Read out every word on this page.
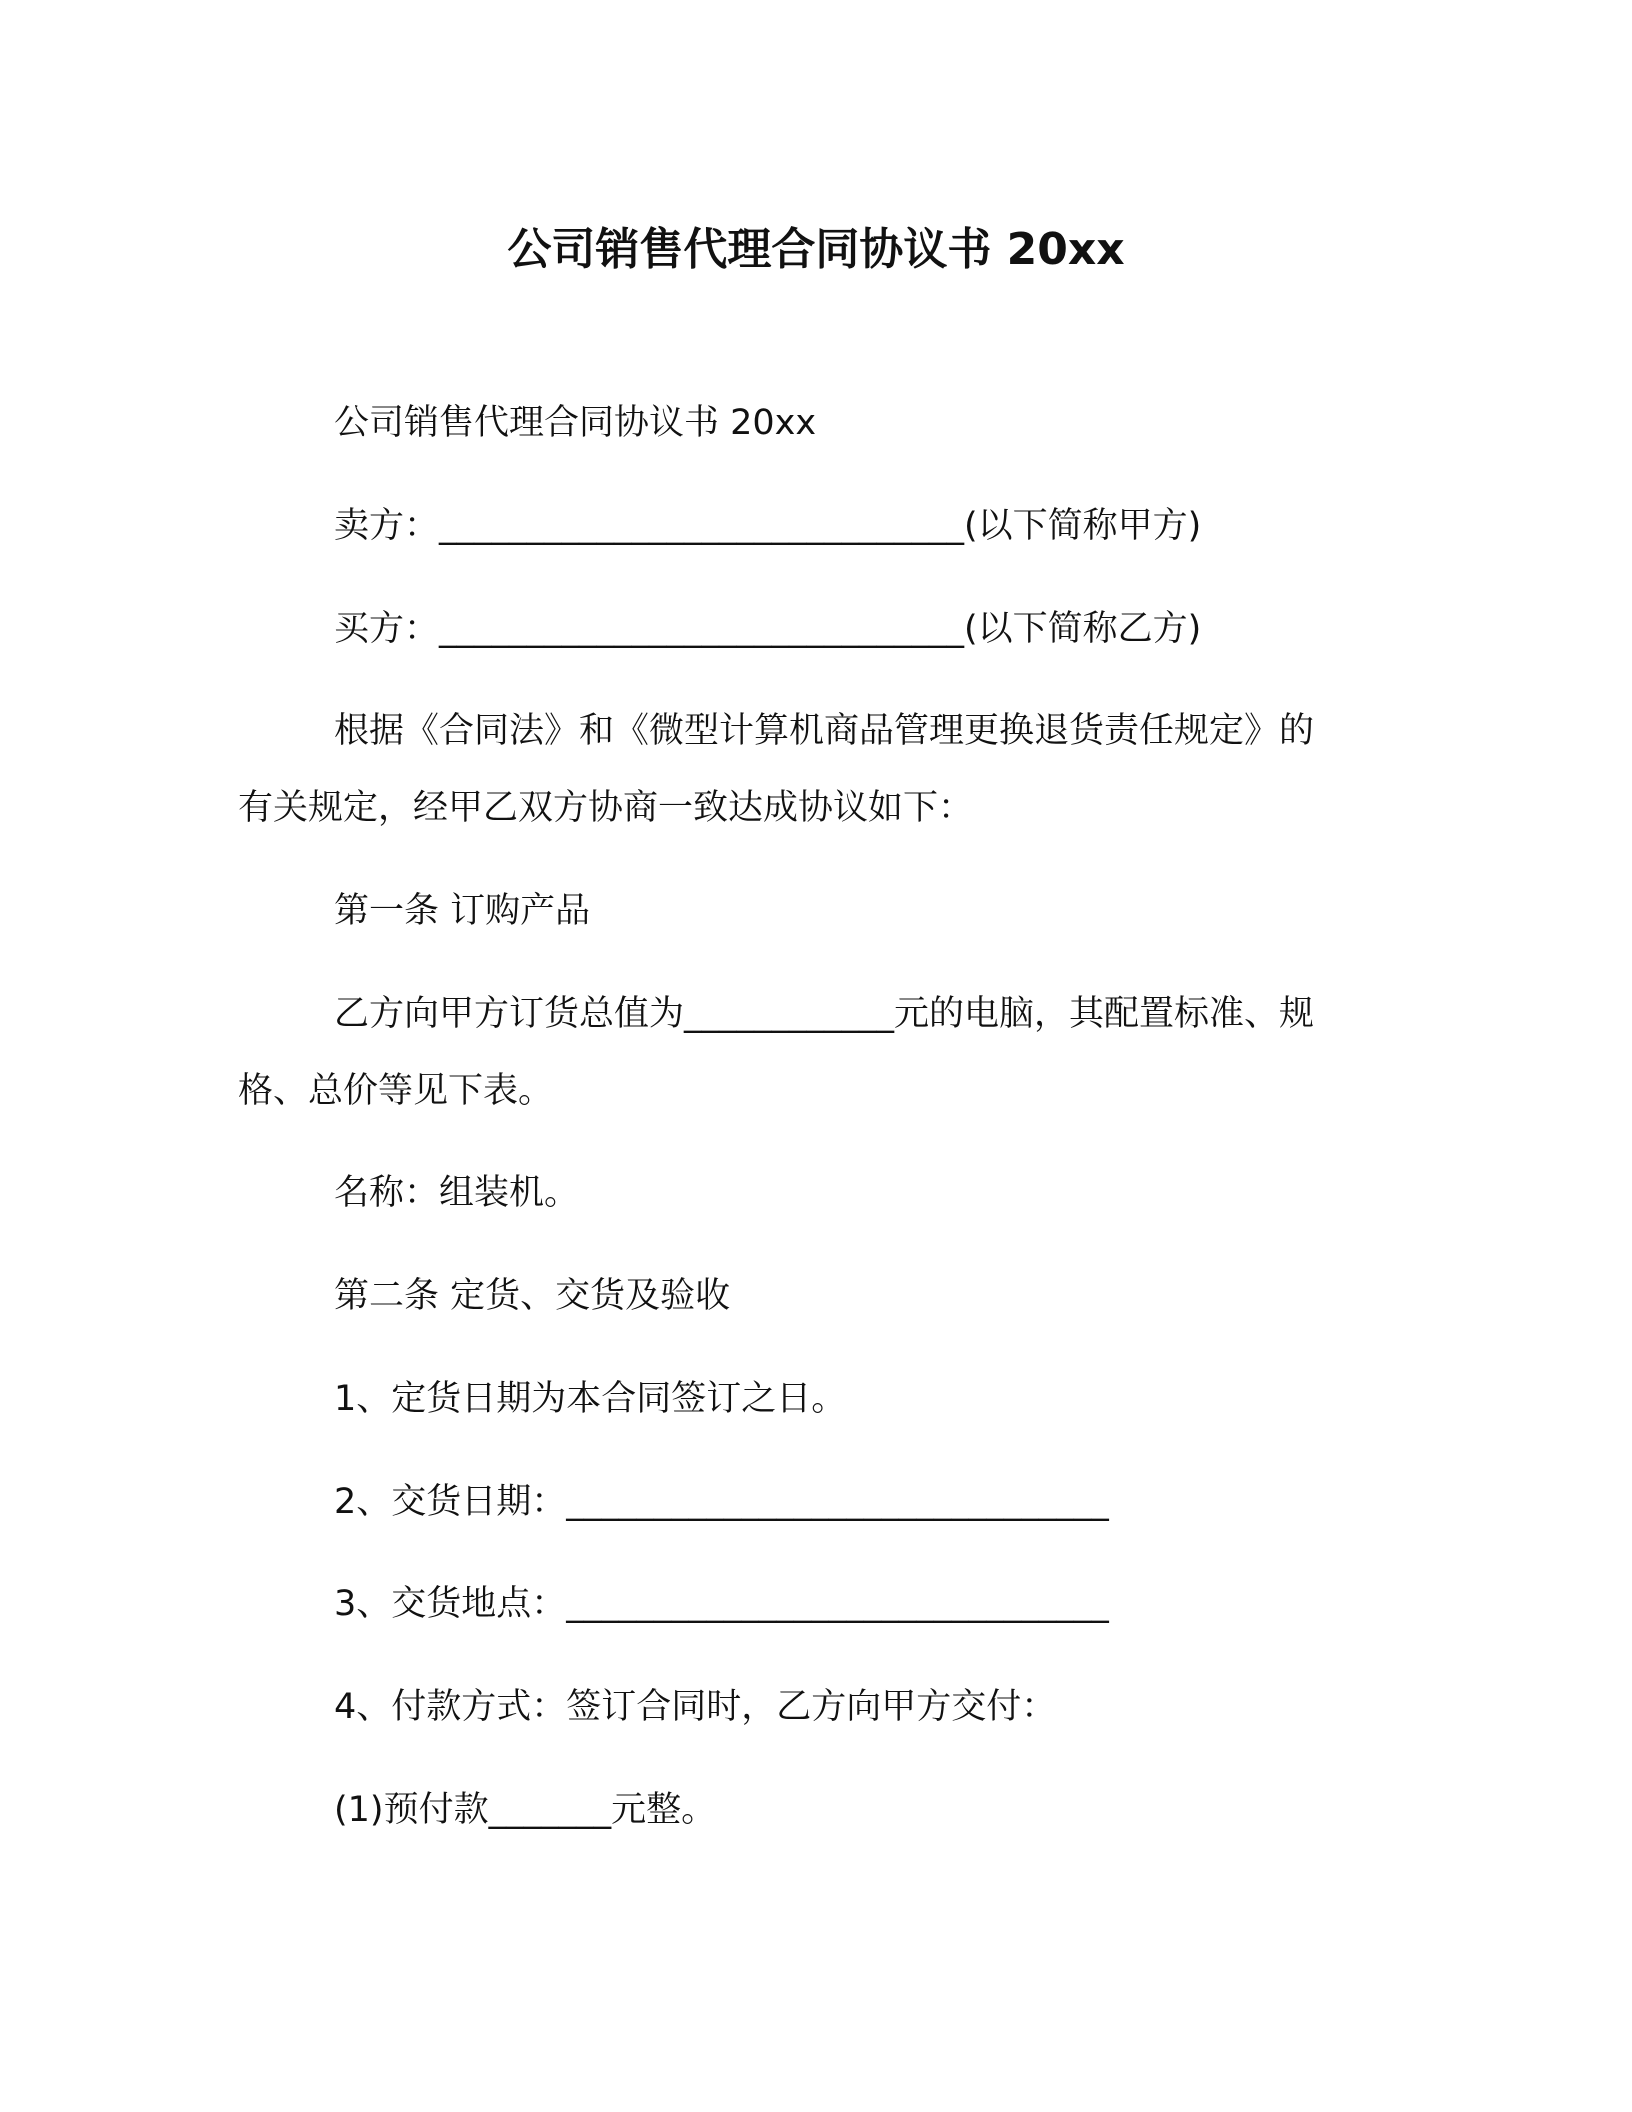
公司销售代理合同协议书 20xx
公司销售代理合同协议书 20xx
卖方：______________________________(以下简称甲方)
买方：______________________________(以下简称乙方)
根据《合同法》和《微型计算机商品管理更换退货责任规定》的
有关规定，经甲乙双方协商一致达成协议如下：
第一条 订购产品
乙方向甲方订货总值为____________元的电脑，其配置标准、规
格、总价等见下表。
名称：组装机。
第二条 定货、交货及验收
1、定货日期为本合同签订之日。
2、交货日期：_______________________________
3、交货地点：_______________________________
4、付款方式：签订合同时，乙方向甲方交付：
(1)预付款_______元整。
